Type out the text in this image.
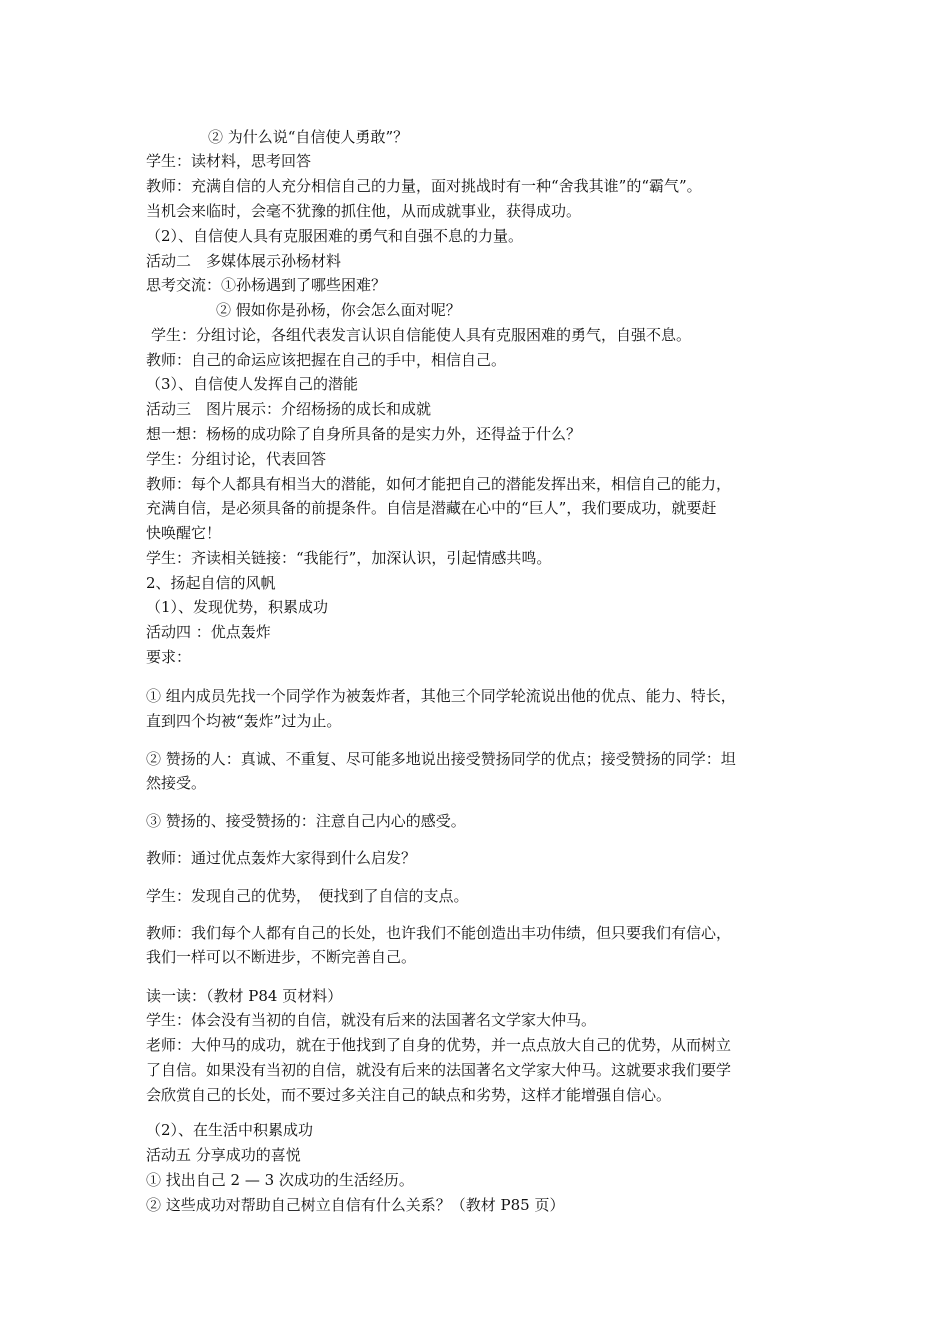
② 为什么说“自信使人勇敢”？
学生：读材料，思考回答
教师：充满自信的人充分相信自己的力量，面对挑战时有一种“舍我其谁”的“霸气”。
当机会来临时，会毫不犹豫的抓住他，从而成就事业，获得成功。
（2）、自信使人具有克服困难的勇气和自强不息的力量。
活动二　多媒体展示孙杨材料
思考交流：①孙杨遇到了哪些困难？
② 假如你是孙杨，你会怎么面对呢？
学生：分组讨论，各组代表发言认识自信能使人具有克服困难的勇气，自强不息。
教师：自己的命运应该把握在自己的手中，相信自己。
（3）、自信使人发挥自己的潜能
活动三　图片展示：介绍杨扬的成长和成就
想一想：杨杨的成功除了自身所具备的是实力外，还得益于什么？
学生：分组讨论，代表回答
教师：每个人都具有相当大的潜能，如何才能把自己的潜能发挥出来，相信自己的能力，
充满自信，是必须具备的前提条件。自信是潜藏在心中的“巨人”，我们要成功，就要赶
快唤醒它！
学生：齐读相关链接：“我能行”，加深认识，引起情感共鸣。
2、扬起自信的风帆
（1）、发现优势，积累成功
活动四 ：优点轰炸
要求：
① 组内成员先找一个同学作为被轰炸者，其他三个同学轮流说出他的优点、能力、特长，
直到四个均被“轰炸”过为止。
② 赞扬的人：真诚、不重复、尽可能多地说出接受赞扬同学的优点；接受赞扬的同学：坦
然接受。
③ 赞扬的、接受赞扬的：注意自己内心的感受。
教师：通过优点轰炸大家得到什么启发？
学生：发现自己的优势，　便找到了自信的支点。
教师：我们每个人都有自己的长处，也许我们不能创造出丰功伟绩，但只要我们有信心，
我们一样可以不断进步，不断完善自己。
读一读：（教材 P84 页材料）
学生：体会没有当初的自信，就没有后来的法国著名文学家大仲马。
老师：大仲马的成功，就在于他找到了自身的优势，并一点点放大自己的优势，从而树立
了自信。如果没有当初的自信，就没有后来的法国著名文学家大仲马。这就要求我们要学
会欣赏自己的长处，而不要过多关注自己的缺点和劣势，这样才能增强自信心。
（2）、在生活中积累成功
活动五 分享成功的喜悦
① 找出自己 2 — 3 次成功的生活经历。
② 这些成功对帮助自己树立自信有什么关系？（教材 P85 页）
